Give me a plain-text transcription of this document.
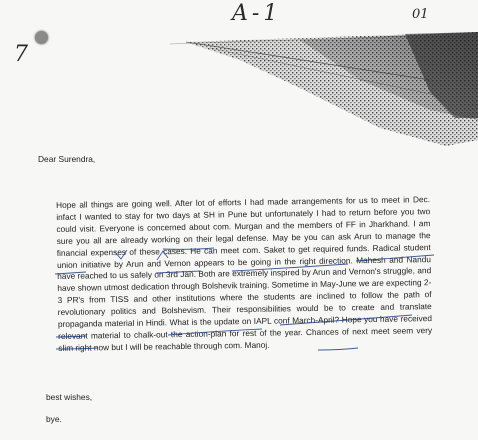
A-1	01
7
Dear Surendra,
Hope all things are going well. After lot of efforts I had made arrangements for us to meet in Dec. infact I wanted to stay for two days at SH in Pune but unfortunately I had to return before you two could visit. Everyone is concerned about com. Murgan and the members of FF in Jharkhand. I am sure you all are already working on their legal defense. May be you can ask Arun to manage the financial expenses of these cases. He can meet com. Saket to get required funds. Radical student union initiative by Arun and Vernon appears to be going in the right direction. Mahesh and Nandu have reached to us safely on 3rd Jan. Both are extremely inspired by Arun and Vernon's struggle, and have shown utmost dedication through Bolshevik training. Sometime in May-June we are expecting 2-3 PR's from TISS and other institutions where the students are inclined to follow the path of revolutionary politics and Bolshevism. Their responsibilities would be to create and translate propaganda material in Hindi. What is the update on IAPL conf March-April? Hope you have received relevant material to chalk-out the action-plan for rest of the year. Chances of next meet seem very slim right now but I will be reachable through com. Manoj.
best wishes,
bye.
